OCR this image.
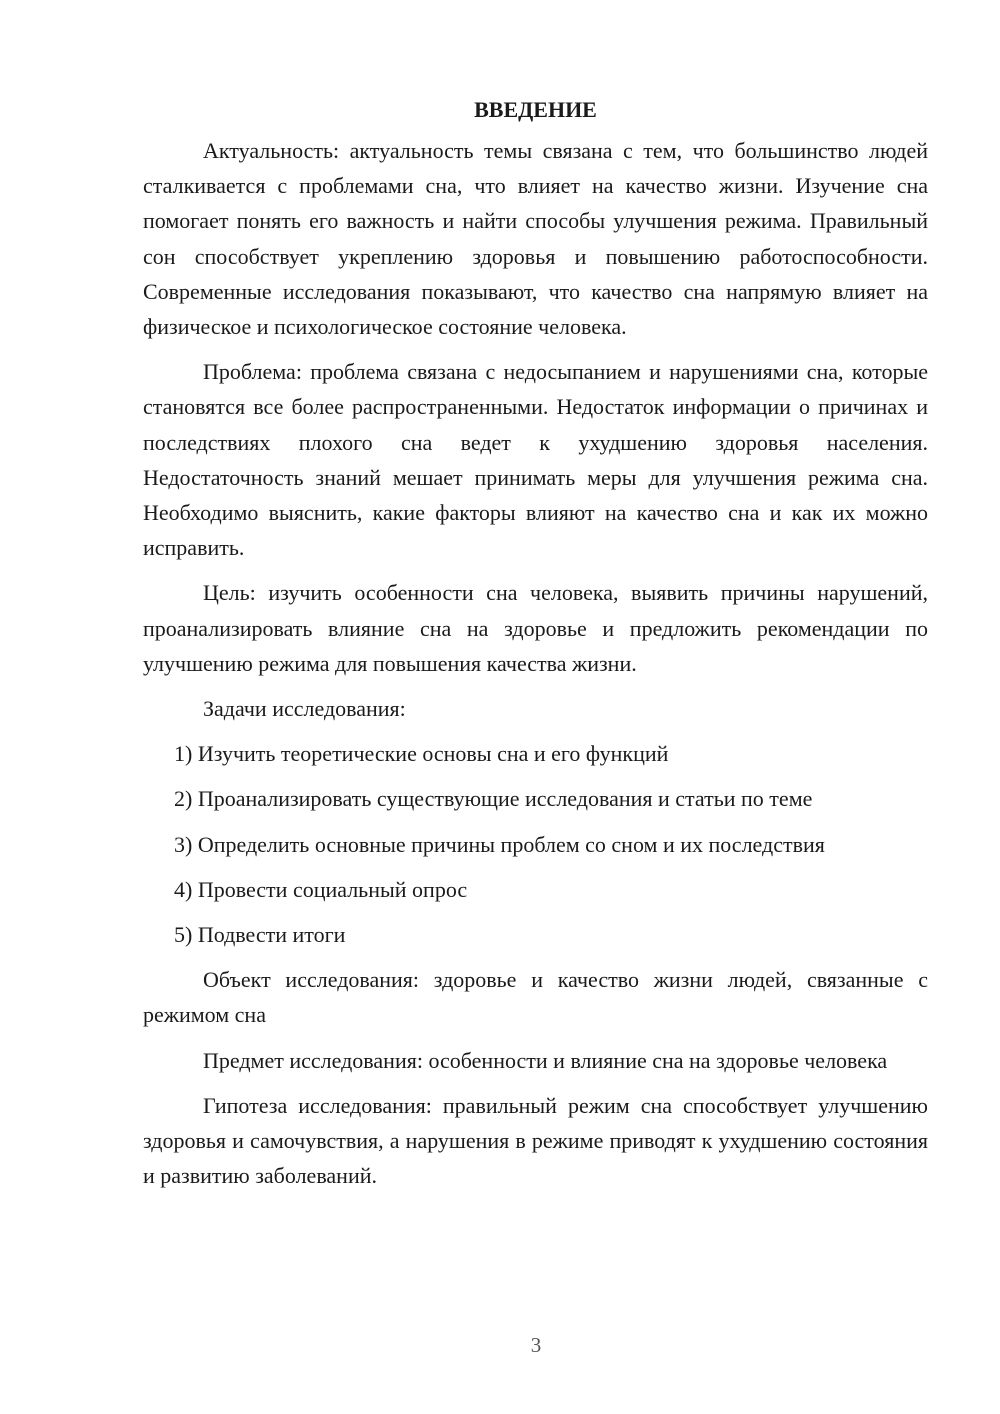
ВВЕДЕНИЕ

Актуальность: актуальность темы связана с тем, что большинство людей сталкивается с проблемами сна, что влияет на качество жизни. Изучение сна помогает понять его важность и найти способы улучшения режима. Правильный сон способствует укреплению здоровья и повышению работоспособности. Современные исследования показывают, что качество сна напрямую влияет на физическое и психологическое состояние человека.

Проблема: проблема связана с недосыпанием и нарушениями сна, которые становятся все более распространенными. Недостаток информации о причинах и последствиях плохого сна ведет к ухудшению здоровья населения. Недостаточность знаний мешает принимать меры для улучшения режима сна. Необходимо выяснить, какие факторы влияют на качество сна и как их можно исправить.

Цель: изучить особенности сна человека, выявить причины нарушений, проанализировать влияние сна на здоровье и предложить рекомендации по улучшению режима для повышения качества жизни.

Задачи исследования:

1) Изучить теоретические основы сна и его функций
2) Проанализировать существующие исследования и статьи по теме
3) Определить основные причины проблем со сном и их последствия
4) Провести социальный опрос
5) Подвести итоги

Объект исследования: здоровье и качество жизни людей, связанные с режимом сна

Предмет исследования: особенности и влияние сна на здоровье человека

Гипотеза исследования: правильный режим сна способствует улучшению здоровья и самочувствия, а нарушения в режиме приводят к ухудшению состояния и развитию заболеваний.

3
